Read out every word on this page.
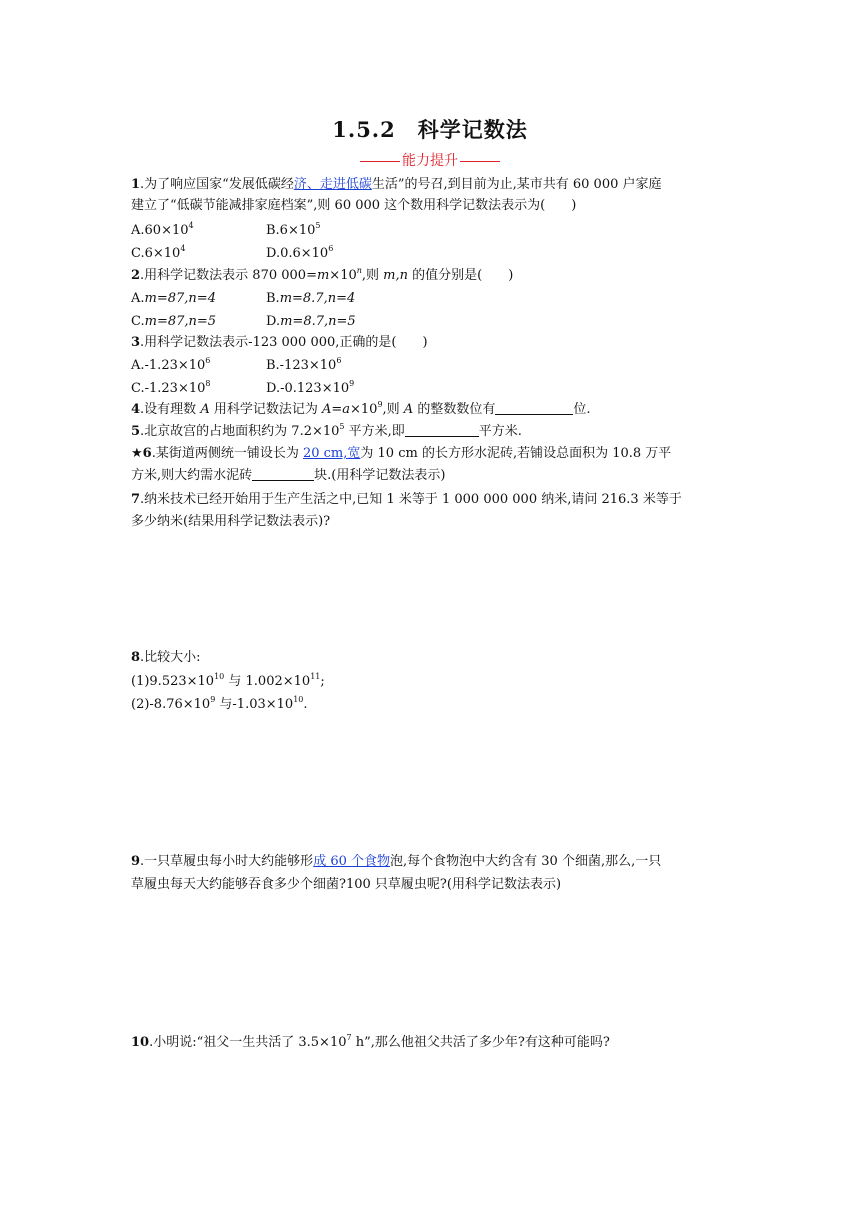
1.5.2　科学记数法
能力提升
1.为了响应国家“发展低碳经济、走进低碳生活”的号召,到目前为止,某市共有 60 000 户家庭
建立了“低碳节能减排家庭档案”,则 60 000 这个数用科学记数法表示为(　　)
$A.60\times 10^4$	$B.6\times 10^5$
$C.6\times 10^4$	$D.0.6\times 10^6$
2.用科学记数法表示 870 $000=m\times 10^n$,则 m,n 的值分别是(　　)
A.m=87,n=4	B.m=8.7,n=4
C.m=87,n=5	D.m=8.7,n=5
3.用科学记数法表示-123 000 000,正确的是(　　)
$A.-1.23\times 10^6$	$B.-123\times 10^6$
$C.-1.23\times 10^8$	$D.-0.123\times 10^9$
4.设有理数 A 用科学记数法记为 $A=a\times 10^9$,则 A 的整数数位有	位.
5.北京故宫的占地面积约为 $7.2\times 10^5$ 平方米,即	平方米.
★6.某街道两侧统一铺设长为 20 cm,宽为 10 cm 的长方形水泥砖,若铺设总面积为 10.8 万平
方米,则大约需水泥砖	块.(用科学记数法表示)
7.纳米技术已经开始用于生产生活之中,已知 1 米等于 1 000 000 000 纳米,请问 216.3 米等于
多少纳米(结果用科学记数法表示)?
8.比较大小:
$(1)9.523\times 10^{10}$ 与 $1.002\times 10^{11}$;
$(2)-8.76\times 10^9$ 与$-1.03\times 10^{10}$.
9.一只草履虫每小时大约能够形成 60 个食物泡,每个食物泡中大约含有 30 个细菌,那么,一只
草履虫每天大约能够吞食多少个细菌?100 只草履虫呢?(用科学记数法表示)
10.小明说:“祖父一生共活了 $3.5\times 10^7$ h”,那么他祖父共活了多少年?有这种可能吗?
